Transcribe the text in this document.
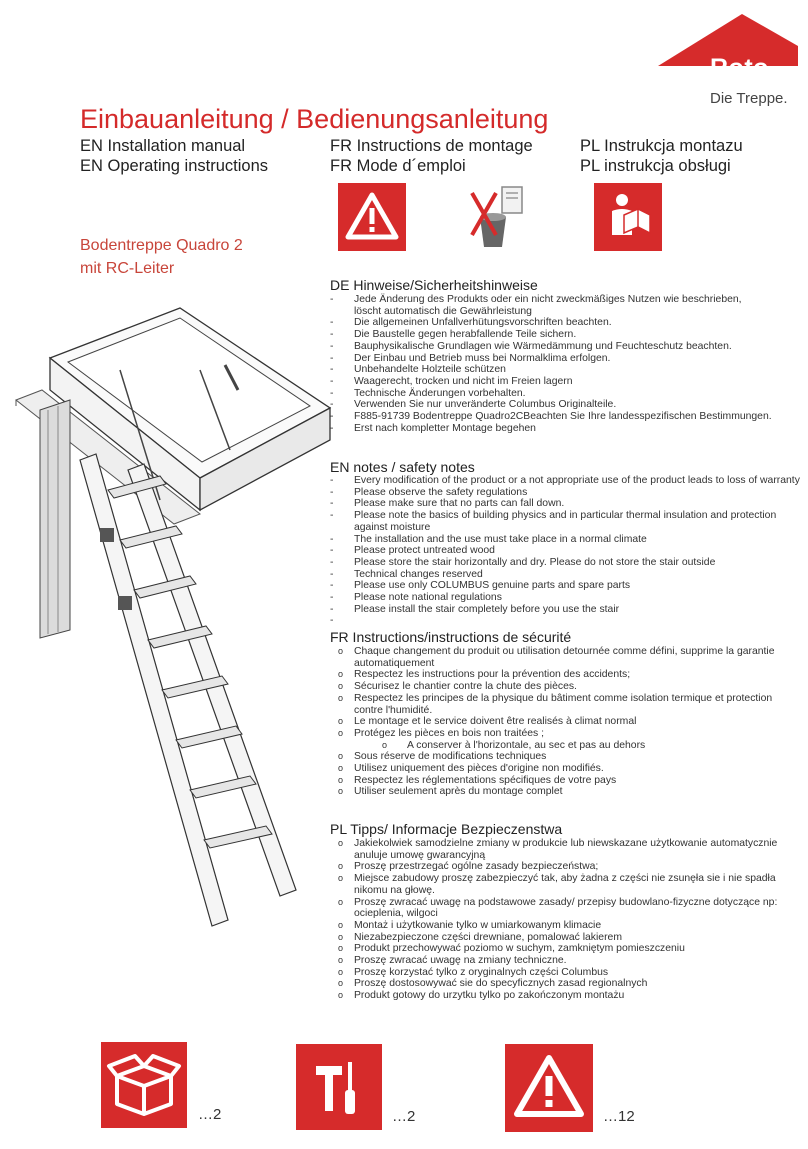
Roto
Die Treppe.
Einbauanleitung / Bedienungsanleitung
EN Installation manual
EN Operating instructions
FR Instructions de montage
FR Mode d´emploi
PL Instrukcja montazu
PL instrukcja obsługi
Bodentreppe Quadro 2
mit RC-Leiter
DE Hinweise/Sicherheitshinweise
- Jede Änderung des Produkts oder ein nicht zweckmäßiges Nutzen wie beschrieben,
löscht automatisch die Gewährleistung
- Die allgemeinen Unfallverhütungsvorschriften beachten.
- Die Baustelle gegen herabfallende Teile sichern.
- Bauphysikalische Grundlagen wie Wärmedämmung und Feuchteschutz beachten.
- Der Einbau und Betrieb muss bei Normalklima erfolgen.
- Unbehandelte Holzteile schützen
- Waagerecht, trocken und nicht im Freien lagern
- Technische Änderungen vorbehalten.
- Verwenden Sie nur unveränderte Columbus Originalteile.
- F885-91739 Bodentreppe Quadro2CBeachten Sie Ihre landesspezifischen Bestimmungen.
- Erst nach kompletter Montage begehen
EN notes / safety notes
- Every modification of the product or a not appropriate use of the product leads to loss of warranty
- Please observe the safety regulations
- Please make sure that no parts can fall down.
- Please note the basics of building physics and in particular thermal insulation and protection
against moisture
- The installation and the use must take place in a normal climate
- Please protect untreated wood
- Please store the stair horizontally and dry. Please do not store the stair outside
- Technical changes reserved
- Please use only COLUMBUS genuine parts and spare parts
- Please note national regulations
- Please install the stair completely before you use the stair
FR Instructions/instructions de sécurité
o Chaque changement du produit ou utilisation detournée comme défini, supprime la garantie
automatiquement
o Respectez les instructions pour la prévention des accidents;
o Sécurisez le chantier contre la chute des pièces.
o Respectez les principes de la physique du bâtiment comme isolation termique et protection
contre l'humidité.
o Le montage et le service doivent être realisés à climat normal
o Protégez les pièces en bois non traitées ;
o A conserver à l'horizontale, au sec et pas au dehors
o Sous réserve de modifications techniques
o Utilisez uniquement des pièces d'origine non modifiés.
o Respectez les réglementations spécifiques de votre pays
o Utiliser seulement après du montage complet
PL Tipps/ Informacje Bezpieczenstwa
o Jakiekolwiek samodzielne zmiany w produkcie lub niewskazane użytkowanie automatycznie
anuluje umowę gwarancyjną
o Proszę przestrzegać ogólne zasady bezpieczeństwa;
o Miejsce zabudowy proszę zabezpieczyć tak, aby żadna z części nie zsunęła sie i nie spadła
nikomu na głowę.
o Proszę zwracać uwagę na podstawowe zasady/ przepisy budowlano-fizyczne dotyczące np:
ociepleniа, wilgoci
o Montaż i użytkowanie tylko w umiarkowanym klimacie
o Niezabezpieczone części drewniane, pomalować lakierem
o Produkt przechowywać poziomo w suchym, zamkniętym pomieszczeniu
o Proszę zwracać uwagę na zmiany techniczne.
o Proszę korzystać tylko z oryginalnych części Columbus
o Proszę dostosowywać sie do specyficznych zasad regionalnych
o Produkt gotowy do urzytku tylko po zakończonym montażu
…2	…2	…12
